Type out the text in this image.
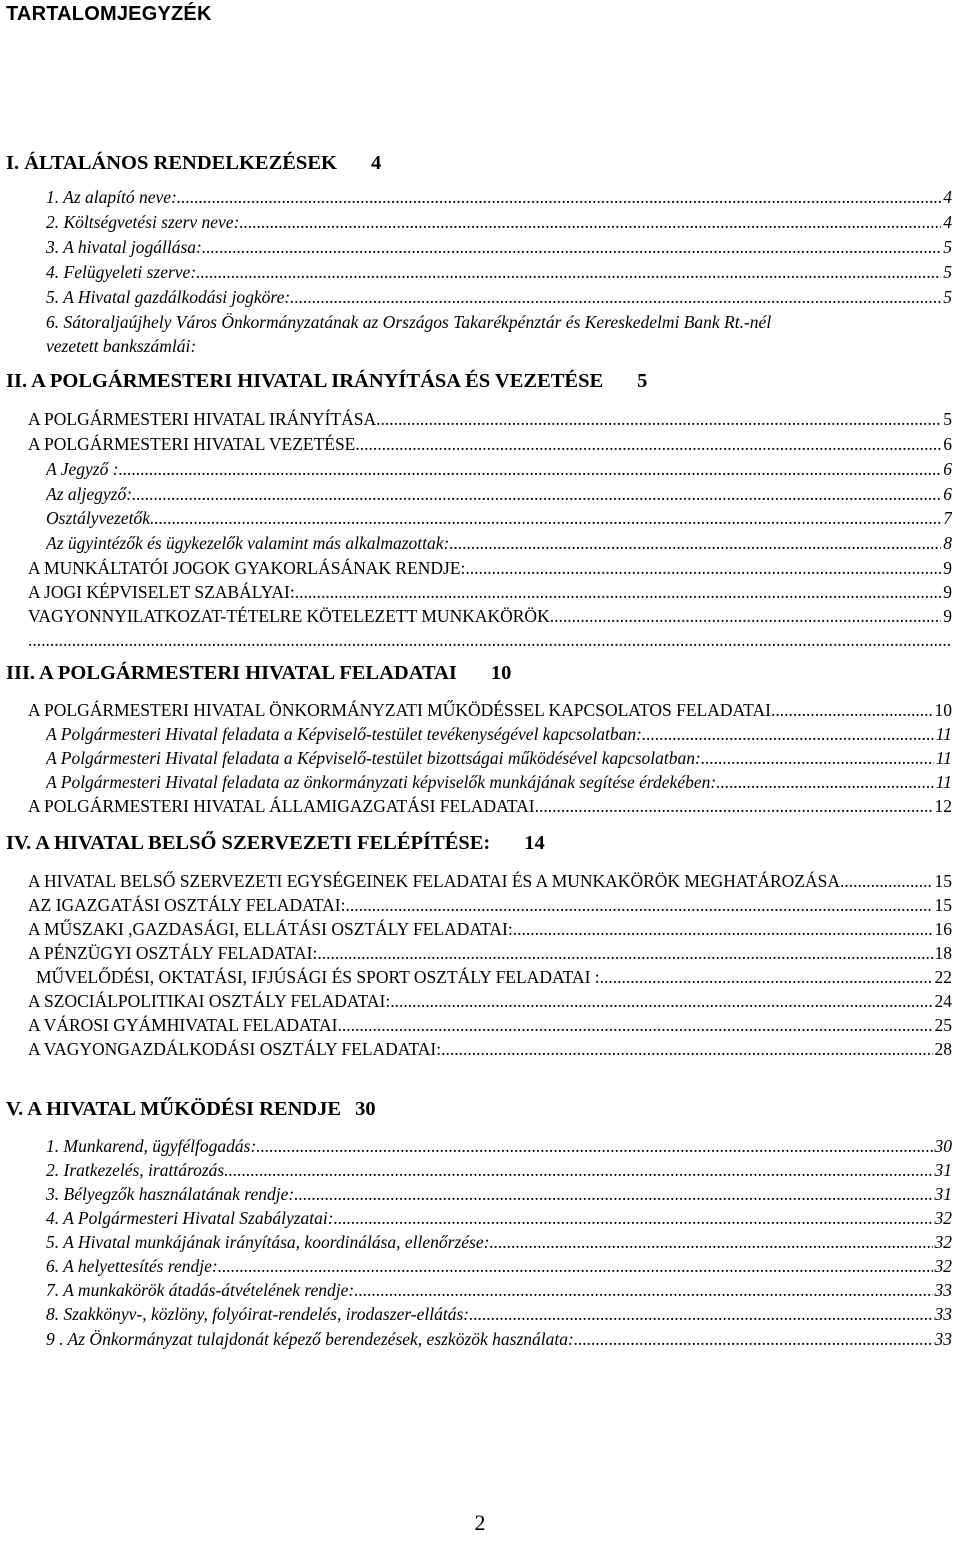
TARTALOMJEGYZÉK
I. ÁLTALÁNOS RENDELKEZÉSEK 4
1. Az alapító neve: .....	4
2. Költségvetési szerv neve: .....	4
3. A hivatal jogállása: .....	5
4. Felügyeleti szerve: .....	5
5. A Hivatal gazdálkodási jogköre: .....	5
6. Sátoraljaújhely Város Önkormányzatának az Országos Takarékpénztár és Kereskedelmi Bank Rt.-nél
vezetett bankszámlái:
II. A POLGÁRMESTERI HIVATAL IRÁNYÍTÁSA ÉS VEZETÉSE 5
A POLGÁRMESTERI HIVATAL IRÁNYÍTÁSA. .....	5
A POLGÁRMESTERI HIVATAL VEZETÉSE .....	6
A Jegyző : .....	6
Az aljegyző: .....	6
Osztályvezetők .....	7
Az ügyintézők és ügykezelők valamint más alkalmazottak: .....	8
A MUNKÁLTATÓI JOGOK GYAKORLÁSÁNAK RENDJE: .....	9
A JOGI KÉPVISELET SZABÁLYAI: .....	9
VAGYONNYILATKOZAT-TÉTELRE KÖTELEZETT MUNKAKÖRÖK .....	9
.....
III. A POLGÁRMESTERI HIVATAL FELADATAI 10
A POLGÁRMESTERI HIVATAL ÖNKORMÁNYZATI MŰKÖDÉSSEL KAPCSOLATOS FELADATAI .....	10
A Polgármesteri Hivatal feladata a Képviselő-testület tevékenységével kapcsolatban: .....	11
A Polgármesteri Hivatal feladata a Képviselő-testület bizottságai működésével kapcsolatban: .....	11
A Polgármesteri Hivatal feladata az önkormányzati képviselők munkájának segítése érdekében: .....	11
A POLGÁRMESTERI HIVATAL ÁLLAMIGAZGATÁSI FELADATAI .....	12
IV. A HIVATAL BELSŐ SZERVEZETI FELÉPÍTÉSE: 14
A HIVATAL BELSŐ SZERVEZETI EGYSÉGEINEK FELADATAI ÉS A MUNKAKÖRÖK MEGHATÁROZÁSA .....	15
AZ IGAZGATÁSI OSZTÁLY FELADATAI: .....	15
A MŰSZAKI ,GAZDASÁGI, ELLÁTÁSI OSZTÁLY FELADATAI: .....	16
A PÉNZÜGYI OSZTÁLY FELADATAI: .....	18
MŰVELŐDÉSI, OKTATÁSI, IFJÚSÁGI ÉS SPORT OSZTÁLY FELADATAI : .....	22
A SZOCIÁLPOLITIKAI OSZTÁLY FELADATAI: .....	24
A VÁROSI GYÁMHIVATAL FELADATAI .....	25
A VAGYONGAZDÁLKODÁSI OSZTÁLY FELADATAI: .....	28
V. A HIVATAL MŰKÖDÉSI RENDJE 30
1. Munkarend, ügyfélfogadás: .....	30
2. Iratkezelés, irattározás .....	31
3. Bélyegzők használatának rendje: .....	31
4. A Polgármesteri Hivatal Szabályzatai: .....	32
5. A Hivatal munkájának irányítása, koordinálása, ellenőrzése: .....	32
6. A helyettesítés rendje: .....	32
7. A munkakörök átadás-átvételének rendje: .....	33
8. Szakkönyv-, közlöny, folyóirat-rendelés, irodaszer-ellátás: .....	33
9 . Az Önkormányzat tulajdonát képező berendezések, eszközök használata: .....	33
2
